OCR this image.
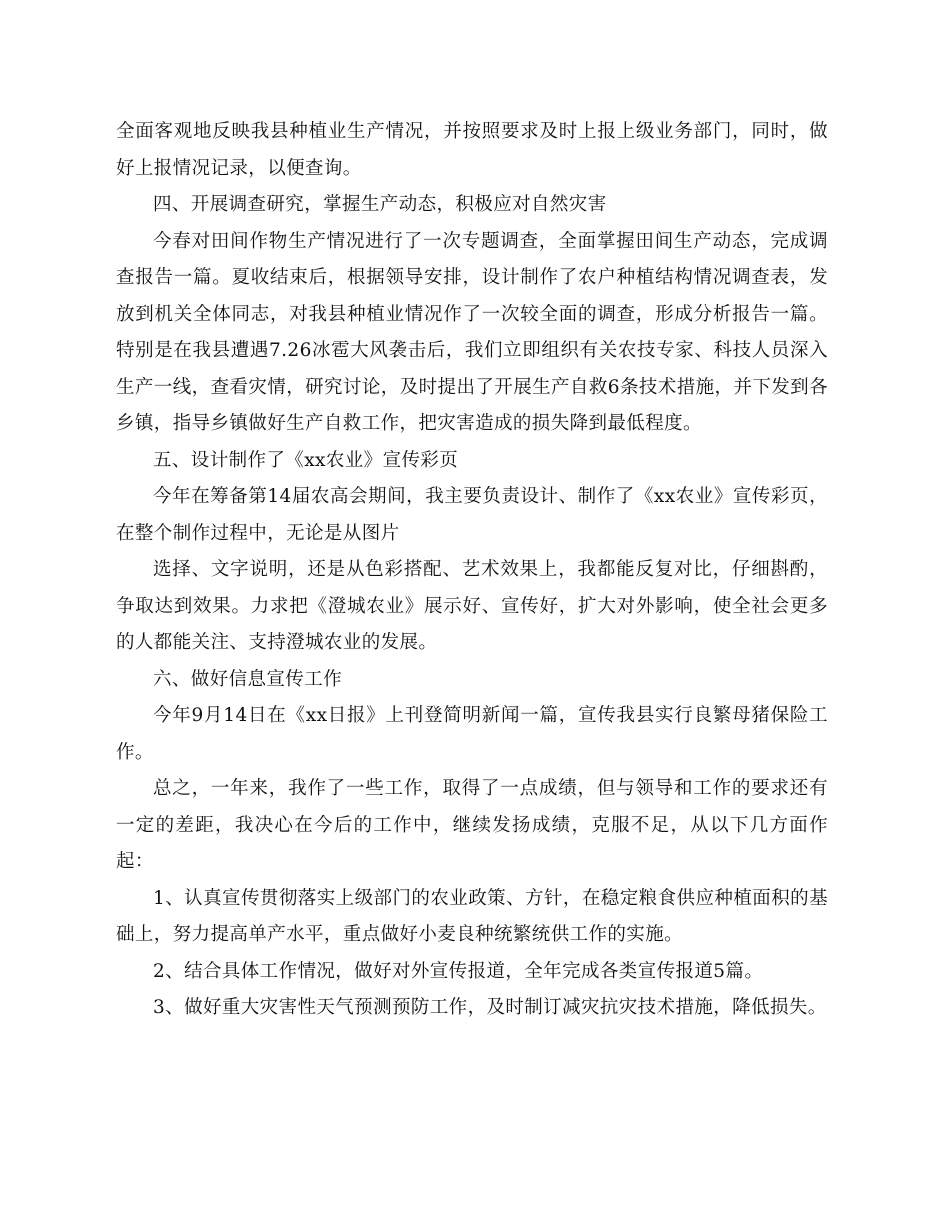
全面客观地反映我县种植业生产情况，并按照要求及时上报上级业务部门，同时，做好上报情况记录，以便查询。

四、开展调查研究，掌握生产动态，积极应对自然灾害

今春对田间作物生产情况进行了一次专题调查，全面掌握田间生产动态，完成调查报告一篇。夏收结束后，根据领导安排，设计制作了农户种植结构情况调查表，发放到机关全体同志，对我县种植业情况作了一次较全面的调查，形成分析报告一篇。特别是在我县遭遇7.26冰雹大风袭击后，我们立即组织有关农技专家、科技人员深入生产一线，查看灾情，研究讨论，及时提出了开展生产自救6条技术措施，并下发到各乡镇，指导乡镇做好生产自救工作，把灾害造成的损失降到最低程度。

五、设计制作了《xx农业》宣传彩页

今年在筹备第14届农高会期间，我主要负责设计、制作了《xx农业》宣传彩页，在整个制作过程中，无论是从图片

选择、文字说明，还是从色彩搭配、艺术效果上，我都能反复对比，仔细斟酌，争取达到效果。力求把《澄城农业》展示好、宣传好，扩大对外影响，使全社会更多的人都能关注、支持澄城农业的发展。

六、做好信息宣传工作

今年9月14日在《xx日报》上刊登简明新闻一篇，宣传我县实行良繁母猪保险工作。

总之，一年来，我作了一些工作，取得了一点成绩，但与领导和工作的要求还有一定的差距，我决心在今后的工作中，继续发扬成绩，克服不足，从以下几方面作起：

1、认真宣传贯彻落实上级部门的农业政策、方针，在稳定粮食供应种植面积的基础上，努力提高单产水平，重点做好小麦良种统繁统供工作的实施。

2、结合具体工作情况，做好对外宣传报道，全年完成各类宣传报道5篇。

3、做好重大灾害性天气预测预防工作，及时制订减灾抗灾技术措施，降低损失。
